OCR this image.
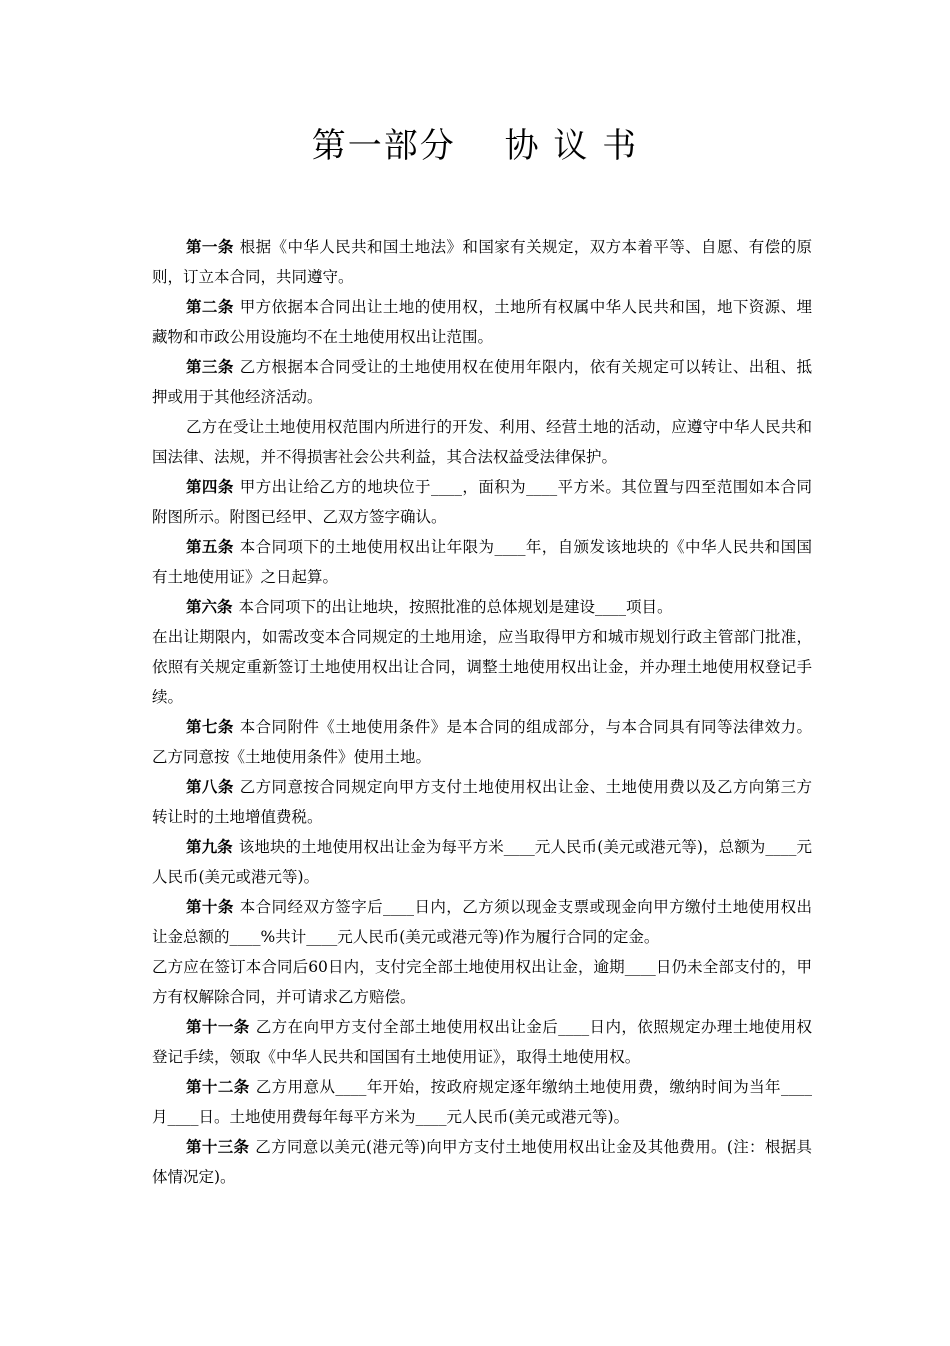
第一部分　 协 议 书

第一条 根据《中华人民共和国土地法》和国家有关规定，双方本着平等、自愿、有偿的原则，订立本合同，共同遵守。

第二条 甲方依据本合同出让土地的使用权，土地所有权属中华人民共和国，地下资源、埋藏物和市政公用设施均不在土地使用权出让范围。

第三条 乙方根据本合同受让的土地使用权在使用年限内，依有关规定可以转让、出租、抵押或用于其他经济活动。

乙方在受让土地使用权范围内所进行的开发、利用、经营土地的活动，应遵守中华人民共和国法律、法规，并不得损害社会公共利益，其合法权益受法律保护。

第四条 甲方出让给乙方的地块位于____，面积为____平方米。其位置与四至范围如本合同附图所示。附图已经甲、乙双方签字确认。

第五条 本合同项下的土地使用权出让年限为____年，自颁发该地块的《中华人民共和国国有土地使用证》之日起算。

第六条 本合同项下的出让地块，按照批准的总体规划是建设____项目。

在出让期限内，如需改变本合同规定的土地用途，应当取得甲方和城市规划行政主管部门批准，依照有关规定重新签订土地使用权出让合同，调整土地使用权出让金，并办理土地使用权登记手续。

第七条 本合同附件《土地使用条件》是本合同的组成部分，与本合同具有同等法律效力。乙方同意按《土地使用条件》使用土地。

第八条 乙方同意按合同规定向甲方支付土地使用权出让金、土地使用费以及乙方向第三方转让时的土地增值费税。

第九条 该地块的土地使用权出让金为每平方米____元人民币(美元或港元等)，总额为____元人民币(美元或港元等)。

第十条 本合同经双方签字后____日内，乙方须以现金支票或现金向甲方缴付土地使用权出让金总额的____%共计____元人民币(美元或港元等)作为履行合同的定金。

乙方应在签订本合同后60日内，支付完全部土地使用权出让金，逾期____日仍未全部支付的，甲方有权解除合同，并可请求乙方赔偿。

第十一条 乙方在向甲方支付全部土地使用权出让金后____日内，依照规定办理土地使用权登记手续，领取《中华人民共和国国有土地使用证》，取得土地使用权。

第十二条 乙方用意从____年开始，按政府规定逐年缴纳土地使用费，缴纳时间为当年____月____日。土地使用费每年每平方米为____元人民币(美元或港元等)。

第十三条 乙方同意以美元(港元等)向甲方支付土地使用权出让金及其他费用。(注：根据具体情况定)。
